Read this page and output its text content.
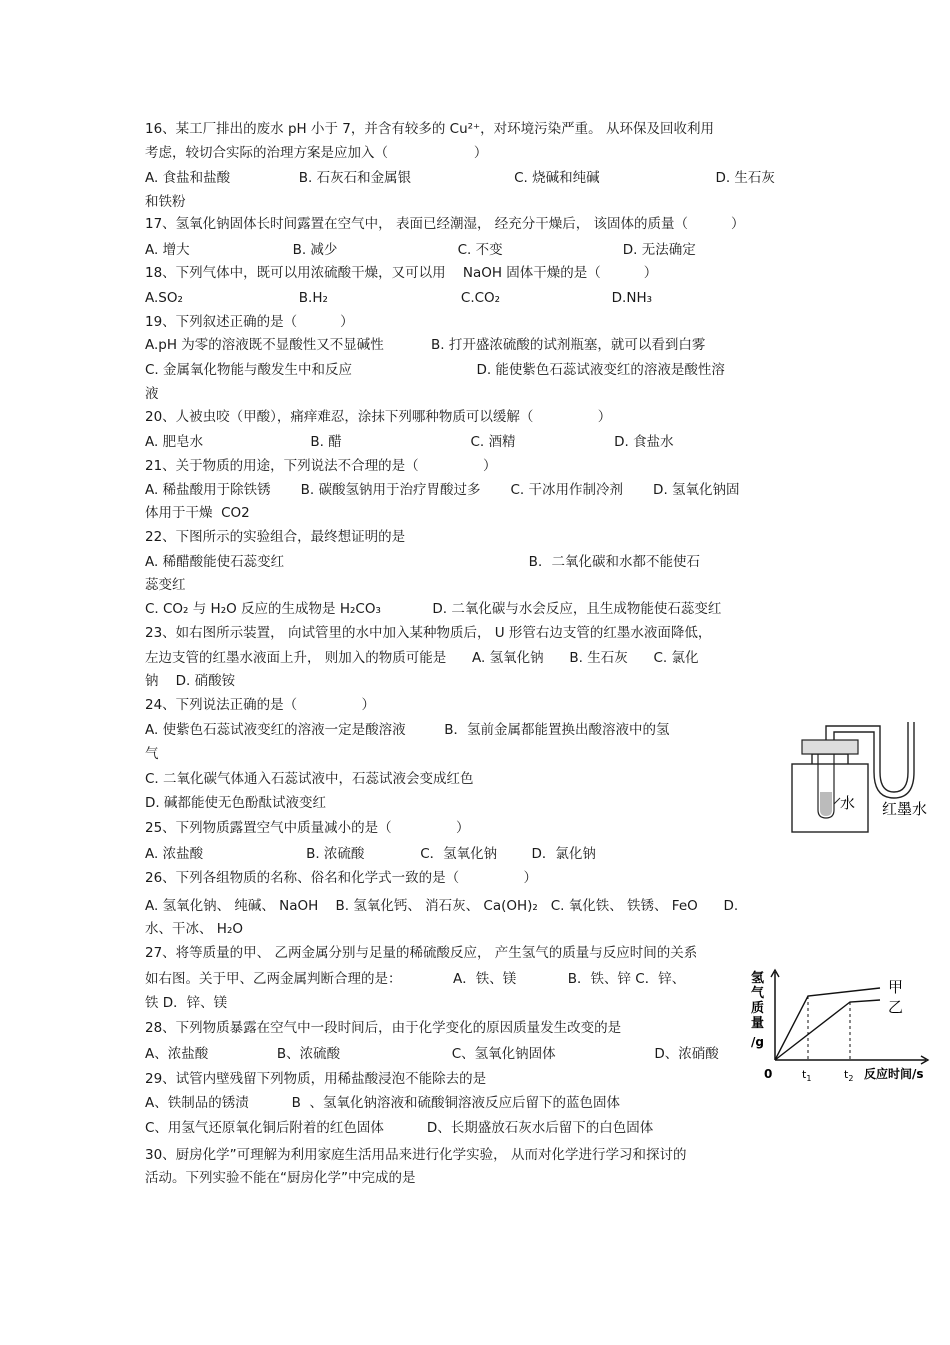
16、某工厂排出的废水 pH 小于 7，并含有较多的 Cu²⁺，对环境污染严重。 从环保及回收利用
考虑，较切合实际的治理方案是应加入（                    ）
A. 食盐和盐酸                B. 石灰石和金属银                        C. 烧碱和纯碱                           D. 生石灰
和铁粉
17、氢氧化钠固体长时间露置在空气中， 表面已经潮湿， 经充分干燥后， 该固体的质量（          ）
A. 增大                        B. 减少                            C. 不变                            D. 无法确定
18、下列气体中，既可以用浓硫酸干燥，又可以用    NaOH 固体干燥的是（          ）
A.SO₂                           B.H₂                               C.CO₂                          D.NH₃
19、下列叙述正确的是（          ）
A.pH 为零的溶液既不显酸性又不显碱性           B. 打开盛浓硫酸的试剂瓶塞，就可以看到白雾
C. 金属氧化物能与酸发生中和反应                             D. 能使紫色石蕊试液变红的溶液是酸性溶
液
20、人被虫咬（甲酸），痛痒难忍，涂抹下列哪种物质可以缓解（               ）
A. 肥皂水                         B. 醋                              C. 酒精                       D. 食盐水
21、关于物质的用途，下列说法不合理的是（               ）
A. 稀盐酸用于除铁锈       B. 碳酸氢钠用于治疗胃酸过多       C. 干冰用作制冷剂       D. 氢氧化钠固
体用于干燥  CO2
22、下图所示的实验组合，最终想证明的是
A. 稀醋酸能使石蕊变红                                                         B．二氧化碳和水都不能使石
蕊变红
C. CO₂ 与 H₂O 反应的生成物是 H₂CO₃            D. 二氧化碳与水会反应，且生成物能使石蕊变红
23、如右图所示装置， 向试管里的水中加入某种物质后， U 形管右边支管的红墨水液面降低，
左边支管的红墨水液面上升， 则加入的物质可能是      A. 氢氧化钠      B. 生石灰      C. 氯化
钠    D. 硝酸铵
24、下列说法正确的是（               ）
A. 使紫色石蕊试液变红的溶液一定是酸溶液         B．氢前金属都能置换出酸溶液中的氢
气
C. 二氧化碳气体通入石蕊试液中，石蕊试液会变成红色
D. 碱都能使无色酚酞试液变红
25、下列物质露置空气中质量减小的是（               ）
A. 浓盐酸                        B. 浓硫酸             C．氢氧化钠        D．氯化钠
26、下列各组物质的名称、俗名和化学式一致的是（               ）
A. 氢氧化钠、 纯碱、 NaOH    B. 氢氧化钙、 消石灰、 Ca(OH)₂   C. 氧化铁、 铁锈、 FeO      D.
水、干冰、 H₂O
27、将等质量的甲、 乙两金属分别与足量的稀硫酸反应， 产生氢气的质量与反应时间的关系
如右图。关于甲、乙两金属判断合理的是：            A．铁、镁            B．铁、锌 C．锌、
铁 D．锌、镁
28、下列物质暴露在空气中一段时间后，由于化学变化的原因质量发生改变的是
A、浓盐酸                B、浓硫酸                          C、氢氧化钠固体                       D、浓硝酸
29、试管内壁残留下列物质，用稀盐酸浸泡不能除去的是
A、铁制品的锈渍          B  、氢氧化钠溶液和硫酸铜溶液反应后留下的蓝色固体
C、用氢气还原氧化铜后附着的红色固体          D、长期盛放石灰水后留下的白色固体
30、厨房化学”可理解为利用家庭生活用品来进行化学实验， 从而对化学进行学习和探讨的
活动。下列实验不能在“厨房化学”中完成的是
水 红墨水
氢
气
质
量
/g
0	$t_1$	$t_2$ 反应时间/s
甲
乙
